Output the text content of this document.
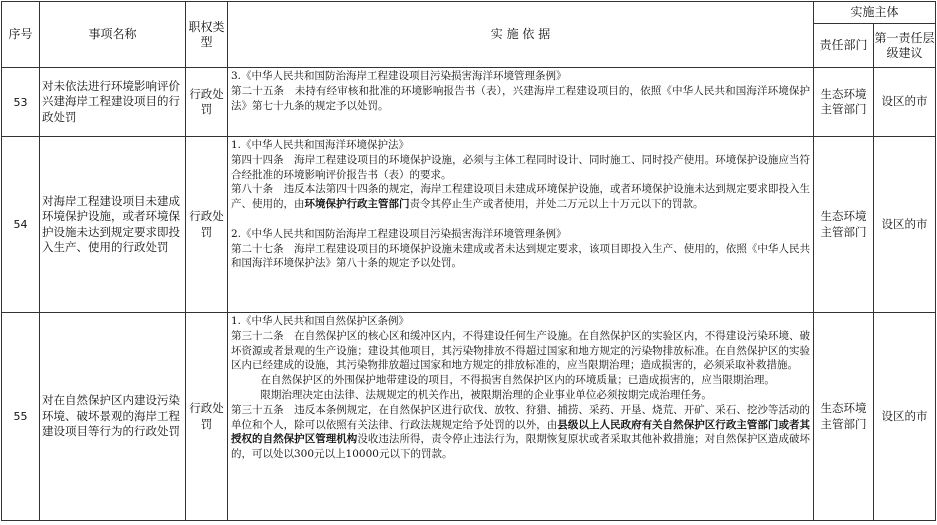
序号	事项名称	职权类型	实 施 依 据	实施主体	
				责任部门	第一责任层级建议
53	对未依法进行环境影响评价兴建海岸工程建设项目的行政处罚	行政处罚	3.《中华人民共和国防治海岸工程建设项目污染损害海洋环境管理条例》

第二十五条　未持有经审核和批准的环境影响报告书（表），兴建海岸工程建设项目的，依照《中华人民共和国海洋环境保护法》第七十九条的规定予以处罚。	生态环境主管部门	设区的市
54	对海岸工程建设项目未建成环境保护设施，或者环境保护设施未达到规定要求即投入生产、使用的行政处罚	行政处罚	1.《中华人民共和国海洋环境保护法》

第四十四条　海岸工程建设项目的环境保护设施，必须与主体工程同时设计、同时施工、同时投产使用。环境保护设施应当符合经批准的环境影响评价报告书（表）的要求。

第八十条　违反本法第四十四条的规定，海岸工程建设项目未建成环境保护设施，或者环境保护设施未达到规定要求即投入生产、使用的，由环境保护行政主管部门责令其停止生产或者使用，并处二万元以上十万元以下的罚款。

2.《中华人民共和国防治海岸工程建设项目污染损害海洋环境管理条例》

第二十七条　海岸工程建设项目的环境保护设施未建成或者未达到规定要求，该项目即投入生产、使用的，依照《中华人民共和国海洋环境保护法》第八十条的规定予以处罚。	生态环境主管部门	设区的市
55	对在自然保护区内建设污染环境、破坏景观的海岸工程建设项目等行为的行政处罚	行政处罚	1.《中华人民共和国自然保护区条例》

第三十二条　在自然保护区的核心区和缓冲区内，不得建设任何生产设施。在自然保护区的实验区内，不得建设污染环境、破坏资源或者景观的生产设施；建设其他项目，其污染物排放不得超过国家和地方规定的污染物排放标准。在自然保护区的实验区内已经建成的设施，其污染物排放超过国家和地方规定的排放标准的，应当限期治理；造成损害的，必须采取补救措施。

在自然保护区的外围保护地带建设的项目，不得损害自然保护区内的环境质量；已造成损害的，应当限期治理。

限期治理决定由法律、法规规定的机关作出，被限期治理的企业事业单位必须按期完成治理任务。

第三十五条　违反本条例规定，在自然保护区进行砍伐、放牧、狩猎、捕捞、采药、开垦、烧荒、开矿、采石、挖沙等活动的单位和个人，除可以依照有关法律、行政法规规定给予处罚的以外，由县级以上人民政府有关自然保护区行政主管部门或者其授权的自然保护区管理机构没收违法所得，责令停止违法行为，限期恢复原状或者采取其他补救措施；对自然保护区造成破坏的，可以处以300元以上10000元以下的罚款。	生态环境主管部门	设区的市
